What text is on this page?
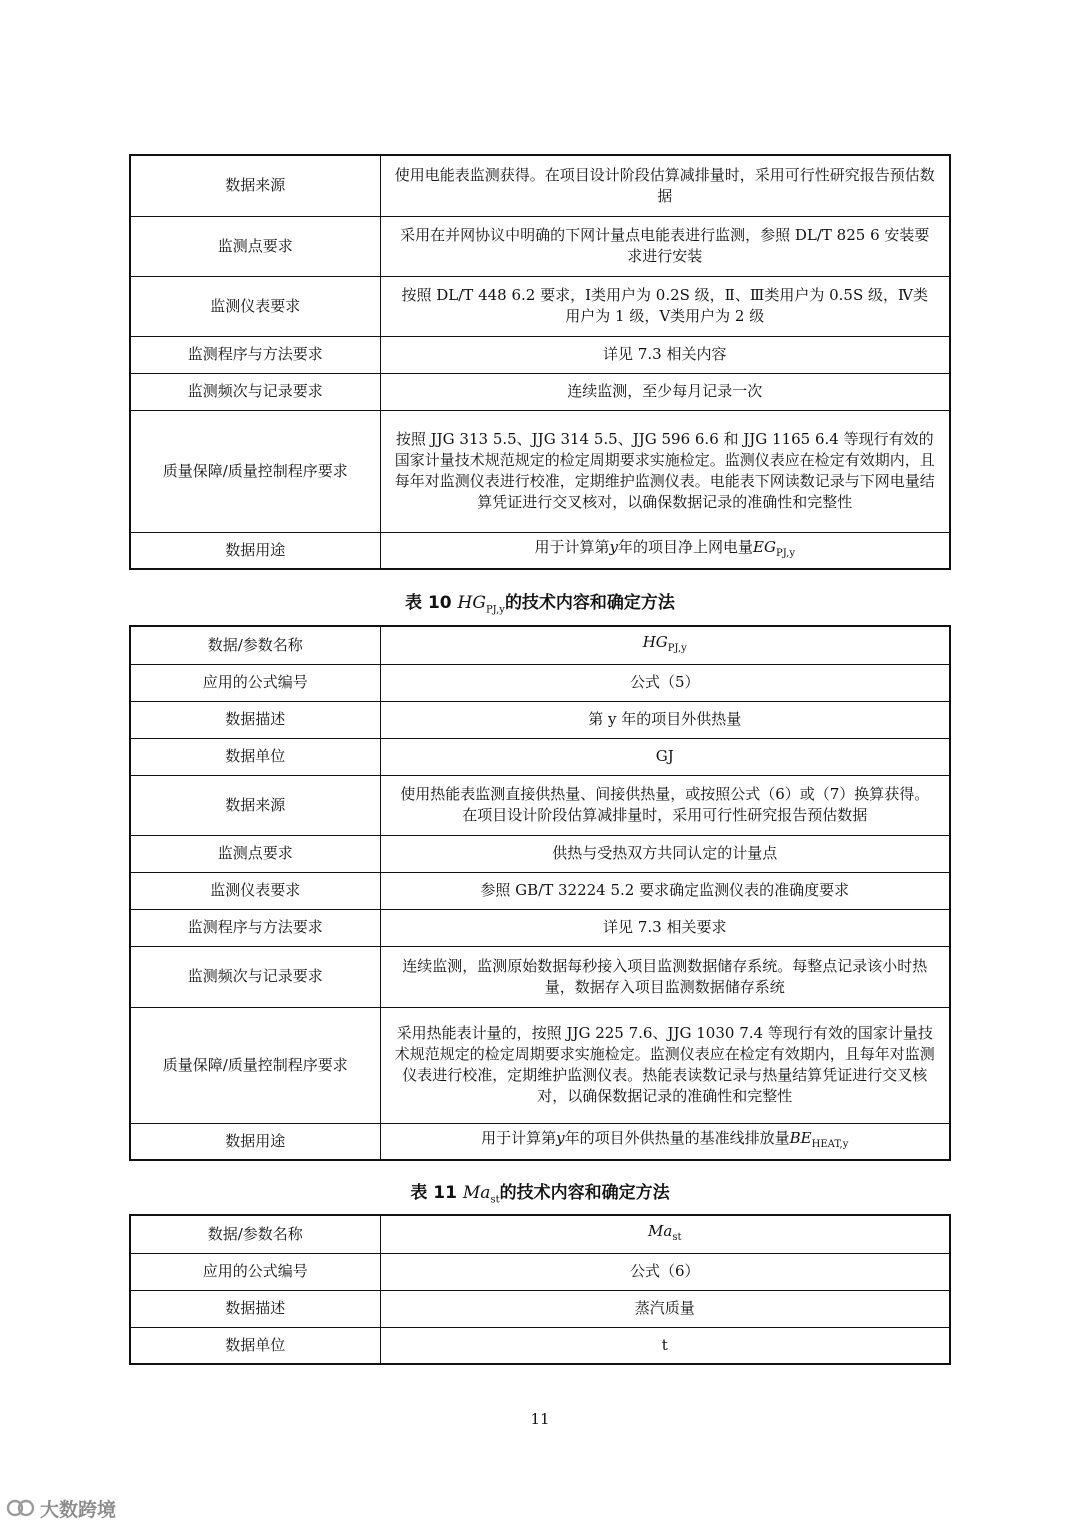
数据来源	使用电能表监测获得。在项目设计阶段估算减排量时，采用可行性研究报告预估数据
监测点要求	采用在并网协议中明确的下网计量点电能表进行监测，参照 DL/T 825 6 安装要求进行安装
监测仪表要求	按照 DL/T 448 6.2 要求，Ⅰ类用户为 0.2S 级，Ⅱ、Ⅲ类用户为 0.5S 级，Ⅳ类用户为 1 级，Ⅴ类用户为 2 级
监测程序与方法要求	详见 7.3 相关内容
监测频次与记录要求	连续监测，至少每月记录一次
质量保障/质量控制程序要求	按照 JJG 313 5.5、JJG 314 5.5、JJG 596 6.6 和 JJG 1165 6.4 等现行有效的国家计量技术规范规定的检定周期要求实施检定。监测仪表应在检定有效期内，且每年对监测仪表进行校准，定期维护监测仪表。电能表下网读数记录与下网电量结算凭证进行交叉核对，以确保数据记录的准确性和完整性
数据用途	用于计算第y年的项目净上网电量$EG_{PJ,y}$
表 10 $HG_{PJ,y}$的技术内容和确定方法
数据/参数名称	$HG_{PJ,y}$
应用的公式编号	公式（5）
数据描述	第 y 年的项目外供热量
数据单位	GJ
数据来源	使用热能表监测直接供热量、间接供热量，或按照公式（6）或（7）换算获得。在项目设计阶段估算减排量时，采用可行性研究报告预估数据
监测点要求	供热与受热双方共同认定的计量点
监测仪表要求	参照 GB/T 32224 5.2 要求确定监测仪表的准确度要求
监测程序与方法要求	详见 7.3 相关要求
监测频次与记录要求	连续监测，监测原始数据每秒接入项目监测数据储存系统。每整点记录该小时热量，数据存入项目监测数据储存系统
质量保障/质量控制程序要求	采用热能表计量的，按照 JJG 225 7.6、JJG 1030 7.4 等现行有效的国家计量技术规范规定的检定周期要求实施检定。监测仪表应在检定有效期内，且每年对监测仪表进行校准，定期维护监测仪表。热能表读数记录与热量结算凭证进行交叉核对，以确保数据记录的准确性和完整性
数据用途	用于计算第y年的项目外供热量的基准线排放量$BE_{HEAT,y}$
表 11 $Ma_{st}$的技术内容和确定方法
数据/参数名称	$Ma_{st}$
应用的公式编号	公式（6）
数据描述	蒸汽质量
数据单位	t
11
大数跨境
